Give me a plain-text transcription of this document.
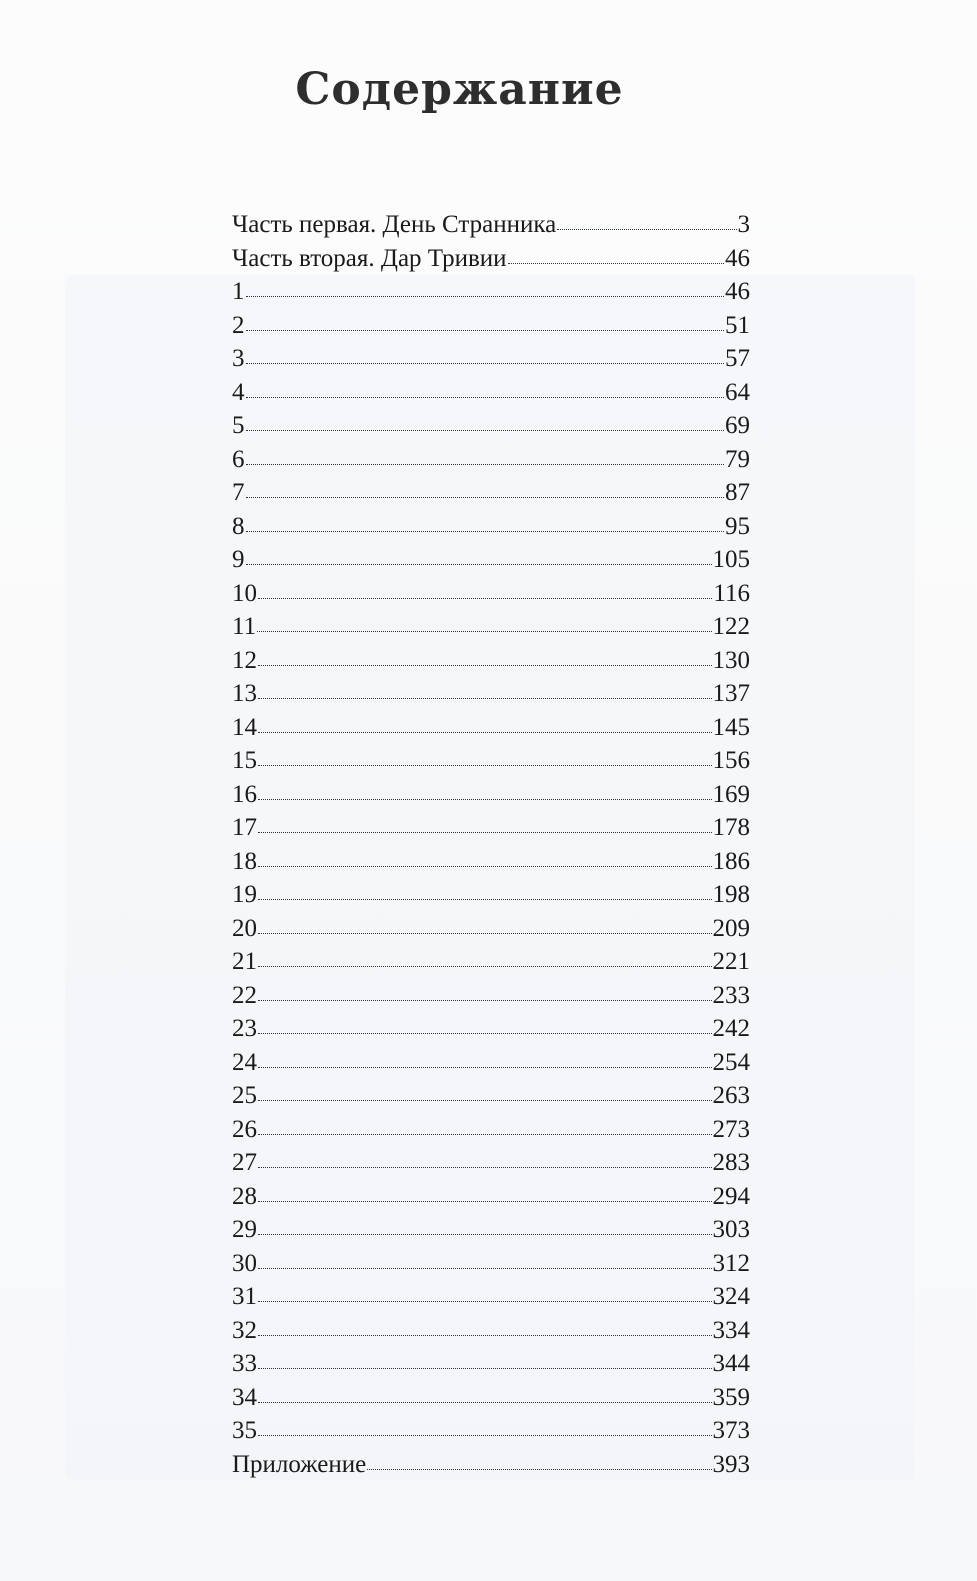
Содержание
Часть первая. День Странника	3
Часть вторая. Дар Тривии	46
1	46
2	51
3	57
4	64
5	69
6	79
7	87
8	95
9	105
10	116
11	122
12	130
13	137
14	145
15	156
16	169
17	178
18	186
19	198
20	209
21	221
22	233
23	242
24	254
25	263
26	273
27	283
28	294
29	303
30	312
31	324
32	334
33	344
34	359
35	373
Приложение	393
